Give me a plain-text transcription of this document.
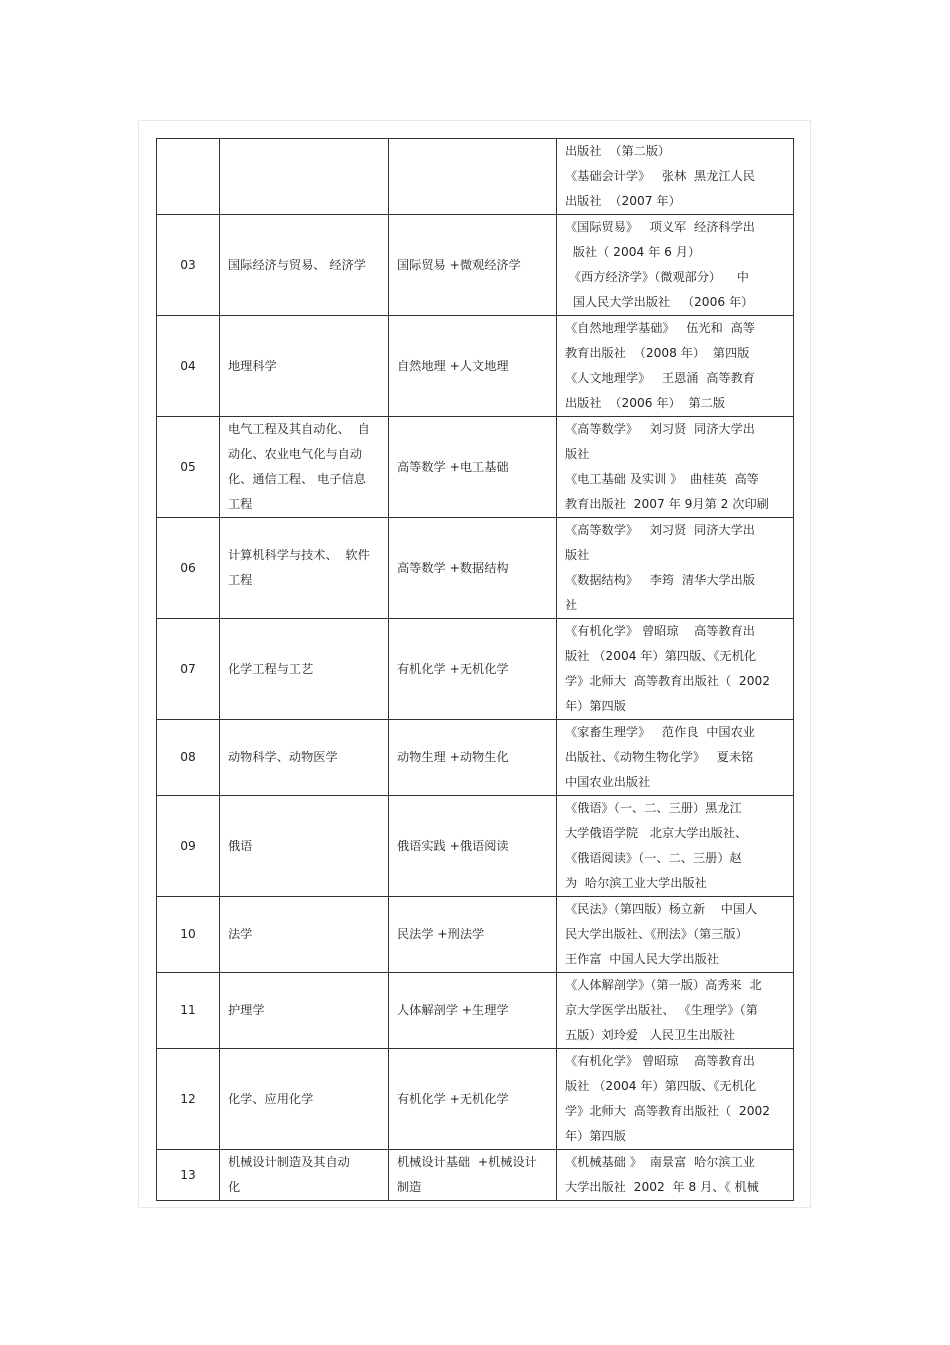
			出版社  （第二版）
《基础会计学》   张林  黑龙江人民
出版社  （2007 年）

03	国际经济与贸易、 经济学	国际贸易 +微观经济学	《国际贸易》   项义军  经济科学出
版社（ 2004 年 6 月）
《西方经济学》（微观部分）    中
国人民大学出版社   （2006 年）

04	地理科学	自然地理 +人文地理	《自然地理学基础》   伍光和  高等
教育出版社  （2008 年）  第四版
《人文地理学》   王恩涌  高等教育
出版社  （2006 年）  第二版

05	电气工程及其自动化、  自
动化、农业电气化与自动
化、通信工程、 电子信息
工程	高等数学 +电工基础	《高等数学》   刘习贤  同济大学出
版社
《电工基础 及实训 》  曲桂英  高等
教育出版社  2007 年 9月第 2 次印刷

06	计算机科学与技术、  软件
工程	高等数学 +数据结构	《高等数学》   刘习贤  同济大学出
版社
《数据结构》   李筠  清华大学出版
社

07	化学工程与工艺	有机化学 +无机化学	《有机化学》 曾昭琼    高等教育出
版社 （2004 年）第四版、《无机化
学》北师大  高等教育出版社（  2002
年）第四版

08	动物科学、动物医学	动物生理 +动物生化	《家畜生理学》   范作良  中国农业
出版社、《动物生物化学》   夏未铭
中国农业出版社

09	俄语	俄语实践 +俄语阅读	《俄语》（一、二、三册）黑龙江
大学俄语学院   北京大学出版社、
《俄语阅读》（一、二、三册）赵
为  哈尔滨工业大学出版社

10	法学	民法学 +刑法学	《民法》（第四版）杨立新    中国人
民大学出版社、《刑法》（第三版）
王作富  中国人民大学出版社

11	护理学	人体解剖学 +生理学	《人体解剖学》（第一版）高秀来  北
京大学医学出版社、 《生理学》（第
五版）刘玲爱   人民卫生出版社

12	化学、应用化学	有机化学 +无机化学	《有机化学》 曾昭琼    高等教育出
版社 （2004 年）第四版、《无机化
学》北师大  高等教育出版社（  2002
年）第四版

13	机械设计制造及其自动
化	机械设计基础  +机械设计
制造	《机械基础 》  南景富  哈尔滨工业
大学出版社  2002  年 8 月、《 机械
